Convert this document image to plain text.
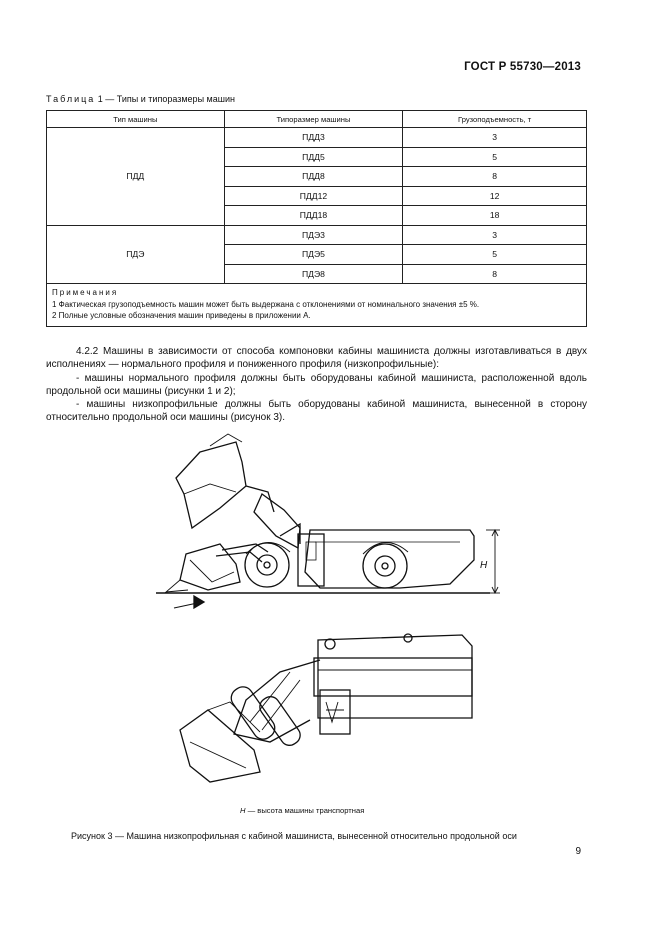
ГОСТ Р 55730—2013
Таблица 1 — Типы и типоразмеры машин
Тип машины	Типоразмер машины	Грузоподъемность, т
ПДД	ПДД3	3
	ПДД5	5
	ПДД8	8
	ПДД12	12
	ПДД18	18
ПДЭ	ПДЭ3	3
	ПДЭ5	5
	ПДЭ8	8

Примечания
1 Фактическая грузоподъемность машин может быть выдержана с отклонениями от номинального значения ±5 %.
2 Полные условные обозначения машин приведены в приложении А.		

4.2.2 Машины в зависимости от способа компоновки кабины машиниста должны изготавливаться в двух исполнениях — нормального профиля и пониженного профиля (низкопрофильные):

- машины нормального профиля должны быть оборудованы кабиной машиниста, расположенной вдоль продольной оси машины (рисунки 1 и 2);

- машины низкопрофильные должны быть оборудованы кабиной машиниста, вынесенной в сторону относительно продольной оси машины (рисунок 3).

H
H — высота машины транспортная
Рисунок 3 — Машина низкопрофильная с кабиной машиниста, вынесенной относительно продольной оси
9
